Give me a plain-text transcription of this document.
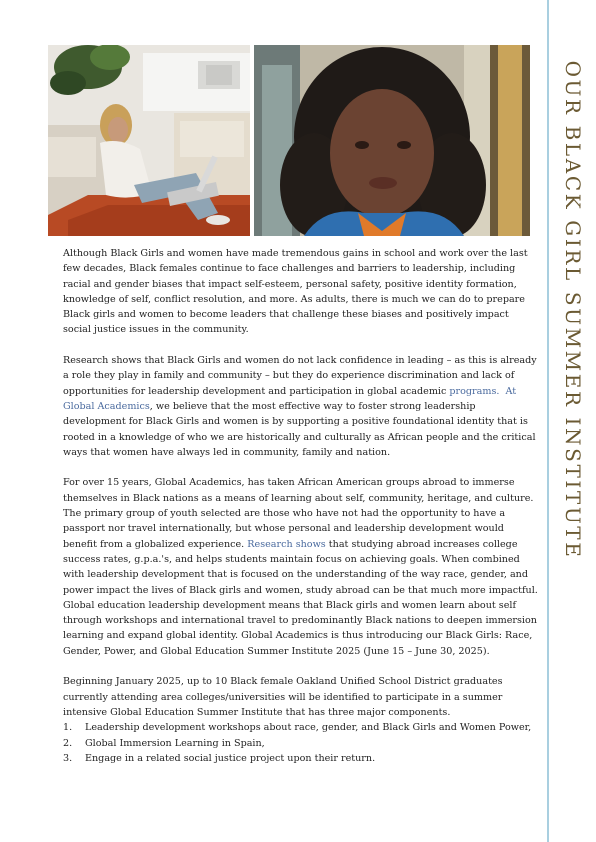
OUR BLACK GIRL SUMMER INSTITUTE

Although Black Girls and women have made tremendous gains in school and work over the last few decades, Black females continue to face challenges and barriers to leadership, including racial and gender biases that impact self-esteem, personal safety, positive identity formation, knowledge of self, conflict resolution, and more. As adults, there is much we can do to prepare Black girls and women to become leaders that challenge these biases and positively impact social justice issues in the community.

Research shows that Black Girls and women do not lack confidence in leading – as this is already a role they play in family and community – but they do experience discrimination and lack of opportunities for leadership development and participation in global academic programs. At Global Academics, we believe that the most effective way to foster strong leadership development for Black Girls and women is by supporting a positive foundational identity that is rooted in a knowledge of who we are historically and culturally as African people and the critical ways that women have always led in community, family and nation.

For over 15 years, Global Academics, has taken African American groups abroad to immerse themselves in Black nations as a means of learning about self, community, heritage, and culture. The primary group of youth selected are those who have not had the opportunity to have a passport nor travel internationally, but whose personal and leadership development would benefit from a globalized experience. Research shows that studying abroad increases college success rates, g.p.a.'s, and helps students maintain focus on achieving goals. When combined with leadership development that is focused on the understanding of the way race, gender, and power impact the lives of Black girls and women, study abroad can be that much more impactful. Global education leadership development means that Black girls and women learn about self through workshops and international travel to predominantly Black nations to deepen immersion learning and expand global identity. Global Academics is thus introducing our Black Girls: Race, Gender, Power, and Global Education Summer Institute 2025 (June 15 – June 30, 2025).

Beginning January 2025, up to 10 Black female Oakland Unified School District graduates currently attending area colleges/universities will be identified to participate in a summer intensive Global Education Summer Institute that has three major components.

1. Leadership development workshops about race, gender, and Black Girls and Women Power,
2. Global Immersion Learning in Spain,
3. Engage in a related social justice project upon their return.
